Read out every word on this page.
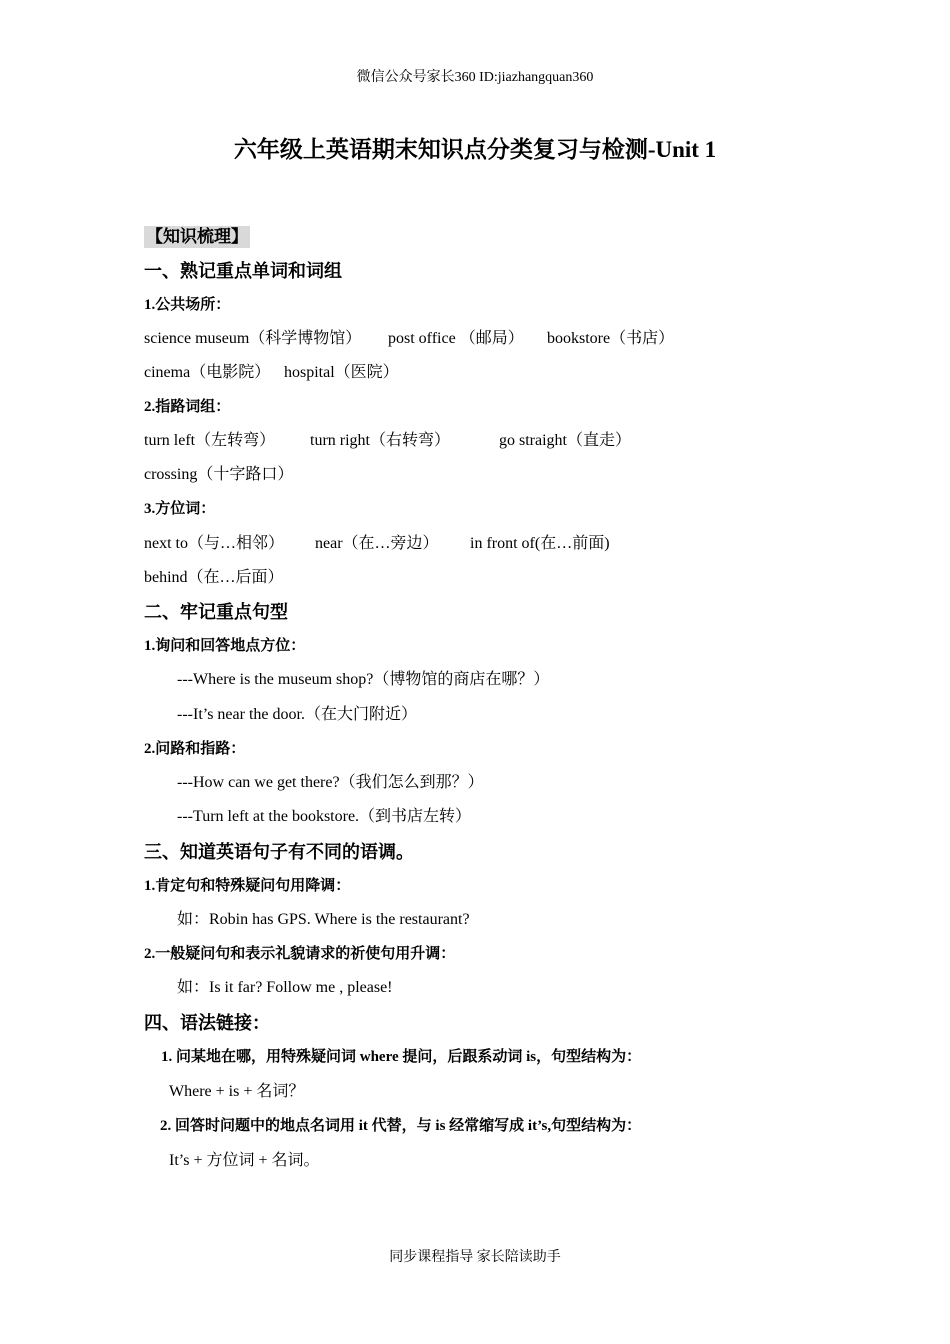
微信公众号家长360 ID:jiazhangquan360
六年级上英语期末知识点分类复习与检测-Unit 1
【知识梳理】
一、熟记重点单词和词组
1.公共场所：
science museum（科学博物馆） post office （邮局） bookstore（书店）
cinema（电影院） hospital（医院）
2.指路词组：
turn left（左转弯） turn right（右转弯）	go straight（直走）
crossing（十字路口）
3.方位词：
next to（与…相邻） near（在…旁边） in front of(在…前面)
behind（在…后面）
二、牢记重点句型
1.询问和回答地点方位：
---Where is the museum shop?（博物馆的商店在哪？）
---It’s near the door.（在大门附近）
2.问路和指路：
---How can we get there?（我们怎么到那？）
---Turn left at the bookstore.（到书店左转）
三、知道英语句子有不同的语调。
1.肯定句和特殊疑问句用降调：
如：Robin has GPS. Where is the restaurant?
2.一般疑问句和表示礼貌请求的祈使句用升调：
如：Is it far? Follow me , please!
四、语法链接：
1. 问某地在哪，用特殊疑问词 where 提问，后跟系动词 is，句型结构为：
Where + is + 名词？
2. 回答时问题中的地点名词用 it 代替，与 is 经常缩写成 it’s,句型结构为：
It’s + 方位词 + 名词。
同步课程指导 家长陪读助手
